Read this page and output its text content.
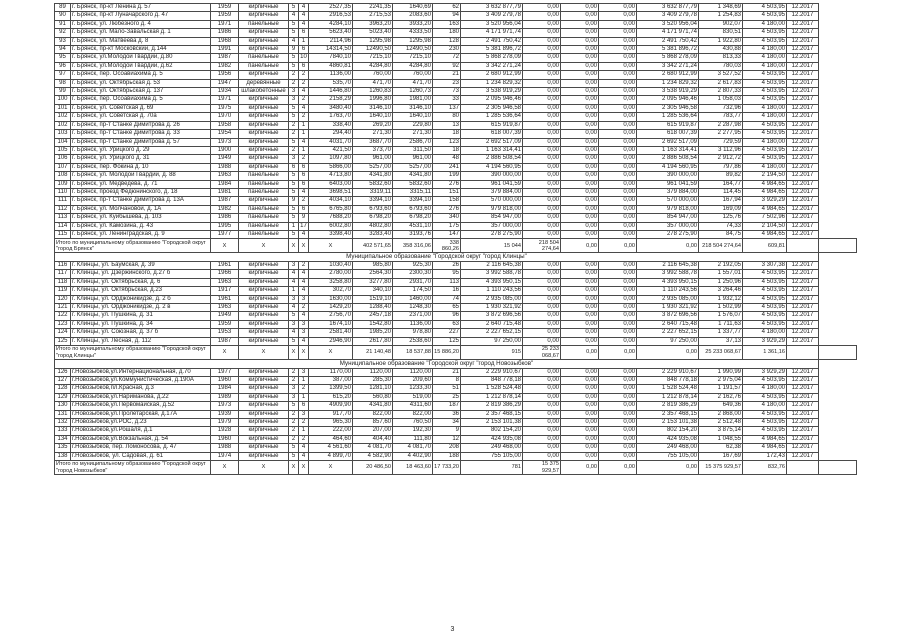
89	г. Брянск, пр-кт Ленина д. 57	1959	кирпичные	5	4	2527,35	2241,35	1640,69	62	3 632 877,79	0,00	0,00	0,00	3 632 877,79	1 348,69	4 503,95	12.2017	
90	г. Брянск, пр-кт Луначарского д. 47	1959	кирпичные	4	4	2916,53	2715,53	2083,60	94	3 409 279,78	0,00	0,00	0,00	3 409 279,78	1 254,83	4 503,95	12.2017	
91	г. Брянск, ул. Любезного д. 4	1971	панельные	5	4	4284,10	3963,20	3933,20	163	3 520 956,04	0,00	0,00	0,00	3 520 956,04	902,07	4 180,00	12.2017	
92	г. Брянск, ул. Мало-Завальская д. 1	1986	кирпичные	5	6	5623,40	5023,40	4333,50	180	4 171 971,74	0,00	0,00	0,00	4 171 971,74	830,51	4 503,95	12.2017	
93	г. Брянск, ул. Матвеева д. 8	1968	кирпичные	4	1	2114,96	1295,98	1295,98	128	2 491 750,42	0,00	0,00	0,00	2 491 750,42	1 922,80	4 503,95	12.2017	
94	г. Брянск, пр-кт Московский, д.144	1991	кирпичные	9	6	14314,50	12490,50	12490,50	230	5 381 896,72	0,00	0,00	0,00	5 381 896,72	430,88	4 180,00	12.2017	
95	г. Брянск, ул.Молодой Гвардии, д.80	1987	панельные	5	10	7840,10	7215,10	7215,10	72	5 868 278,09	0,00	0,00	0,00	5 868 278,09	813,33	4 180,00	12.2017	
96	г. Брянск, ул.Молодой Гвардии, д.62	1982	панельные	5	6	4860,81	4284,80	4284,80	92	3 342 271,24	0,00	0,00	0,00	3 342 271,24	780,03	4 180,00	12.2017	
97	г. Брянск, пер. Осоавиахима д. 5	1956	кирпичные	2	2	1136,00	760,00	760,00	21	2 680 912,99	0,00	0,00	0,00	2 680 912,99	3 527,52	4 503,95	12.2017	
98	г. Брянск, ул. Октябрьская д. 53	1947	деревянные	2	2	535,70	471,70	471,70	23	1 234 829,32	0,00	0,00	0,00	1 234 829,32	2 617,83	4 503,95	12.2017	
99	г. Брянск, ул. Октябрьская д. 137	1934	шлакобетонные	3	4	1446,80	1260,83	1260,73	73	3 538 919,29	0,00	0,00	0,00	3 538 919,29	2 807,33	4 503,95	12.2017	
100	г. Брянск, пер. Осоавиахима д. 5	1971	кирпичные	3	2	2158,29	1996,80	1981,00	33	2 095 946,46	0,00	0,00	0,00	2 095 946,46	1 058,03	4 503,95	12.2017	
101	г. Брянск, ул. Советская д. 69	1975	кирпичные	5	4	3480,40	3146,10	3146,10	137	2 305 946,58	0,00	0,00	0,00	2 305 946,58	732,96	4 180,00	12.2017	
102	г. Брянск, ул. Советская д. 70а	1970	кирпичные	5	2	1763,70	1640,10	1640,10	80	1 285 536,64	0,00	0,00	0,00	1 285 536,64	783,77	4 180,00	12.2017	
102	г. Брянск, пр-т Станке Димитрова д. 26	1958	кирпичные	2	1	338,40	269,20	229,80	13	615 919,87	0,00	0,00	0,00	615 919,87	2 287,98	4 503,95	12.2017	
103	г. Брянск, пр-т Станке Димитрова д. 33	1954	кирпичные	2	1	294,40	271,30	271,30	18	618 007,39	0,00	0,00	0,00	618 007,39	2 277,95	4 503,95	12.2017	
104	г. Брянск, пр-т Станке Димитрова д. 57	1973	кирпичные	5	4	4031,70	3687,70	2586,70	123	2 692 517,09	0,00	0,00	0,00	2 692 517,09	729,59	4 180,00	12.2017	
105	г. Брянск, ул. Урицкого д. 29	1900	кирпичные	2	1	421,50	373,70	311,50	18	1 163 314,41	0,00	0,00	0,00	1 163 314,41	3 112,96	4 503,95	12.2017	
106	г. Брянск, ул. Урицкого д. 31	1949	кирпичные	3	2	1097,80	961,00	961,00	48	2 886 508,54	0,00	0,00	0,00	2 886 508,54	2 912,72	4 503,95	12.2017	
107	г. Брянск, пер. Фокина д. 10	1988	кирпичные	6	6	5866,00	5257,00	5257,00	241	4 194 560,95	0,00	0,00	0,00	4 194 560,95	797,86	4 180,00	12.2017	
108	г. Брянск, ул. Молодой Гвардии, д. 88	1963	панельные	5	6	4713,80	4341,80	4341,80	199	390 000,00	0,00	0,00	0,00	390 000,00	89,82	2 194,50	12.2017	
109	г. Брянск, ул. Медведева, д. 71	1984	панельные	5	6	6403,00	5832,60	5832,60	276	961 041,59	0,00	0,00	0,00	961 041,59	164,77	4 984,65	12.2017	
110	г. Брянск, проезд Федюнинского, д. 18	1981	панельные	5	4	3698,51	3319,11	3315,11	151	379 884,00	0,00	0,00	0,00	379 884,00	114,45	4 984,65	12.2017	
111	г. Брянск, пр-т Станке Димитрова д. 13А	1987	кирпичные	9	2	4034,10	3394,10	3394,10	158	570 000,00	0,00	0,00	0,00	570 000,00	167,94	3 929,29	12.2017	
112	г. Брянск, ул. Молчановой, д. 1А	1982	панельные	5	6	6765,80	6793,60	6793,60	276	979 818,00	0,00	0,00	0,00	979 818,00	169,09	4 984,65	12.2017	
113	г. Брянск, ул. Куйбышева, д. 103	1986	панельные	5	9	7688,20	6798,20	6798,20	340	854 947,00	0,00	0,00	0,00	854 947,00	125,76	7 502,96	12.2017	
114	г. Брянск, ул. Камозина, д. 43	1995	панельные	1	17	6002,80	4802,80	4531,10	175	357 000,00	0,00	0,00	0,00	357 000,00	74,33	2 104,50	12.2017	
115	г. Брянск, ул. Ленинградская, д. 9	1977	панельные	5	4	3398,40	3283,40	3193,76	147	278 275,90	0,00	0,00	0,00	278 275,90	84,75	4 984,65	12.2017	
Итого по муниципальному образованию "Городской округ "город Брянск"		X	X	X	X	X	402 571,65	358 316,06	338 860,26	15 044	218 504 274,64	0,00	0,00	0,00	218 504 274,64	609,81		
Муниципальное образование "Городской округ "город Клинцы"																		
116	г. Клинцы, ул. Баумская, д. 39	1961	кирпичные	3	2	1030,40	985,80	925,30	26	2 116 645,38	0,00	0,00	0,00	2 116 645,38	2 192,05	3 307,38	12.2017	
117	г. Клинцы, ул. Дзержинского, д.27 б	1966	кирпичные	4	4	2780,00	2564,30	2300,30	95	3 992 588,78	0,00	0,00	0,00	3 992 588,78	1 557,01	4 503,95	12.2017	
118	г. Клинцы, ул. Октябрьская, д. 6	1963	кирпичные	4	4	3258,80	3277,80	2931,70	113	4 393 950,15	0,00	0,00	0,00	4 393 950,15	1 250,96	4 503,95	12.2017	
119	г. Клинцы, ул. Октябрьская, д.23	1917	кирпичные	1	4	302,70	340,10	174,50	16	1 110 243,56	0,00	0,00	0,00	1 110 243,56	3 264,46	4 503,95	12.2017	
120	г. Клинцы, ул. Орджоникидзе, д. 2 б	1961	кирпичные	3	3	1630,00	1519,10	1460,00	74	2 935 085,00	0,00	0,00	0,00	2 935 085,00	1 932,12	4 503,95	12.2017	
121	г. Клинцы, ул. Орджоникидзе, д. 2 в	1963	кирпичные	4	2	1429,20	1288,40	1248,30	65	1 930 321,92	0,00	0,00	0,00	1 930 321,92	1 502,99	4 503,95	12.2017	
122	г. Клинцы, ул. Пушкина, д. 31	1949	кирпичные	5	4	2756,70	2457,18	2371,00	96	3 872 696,56	0,00	0,00	0,00	3 872 696,56	1 576,07	4 503,95	12.2017	
123	г. Клинцы, ул. Пушкина, д. 34	1959	кирпичные	3	3	1674,10	1542,80	1136,00	63	2 640 715,48	0,00	0,00	0,00	2 640 715,48	1 711,63	4 503,95	12.2017	
124	г. Клинцы, ул. Союзная, д. 37 б	1953	кирпичные	4	3	2581,40	1985,20	978,80	227	2 227 652,15	0,00	0,00	0,00	2 227 652,15	1 337,77	4 180,00	12.2017	
125	г. Клинцы, ул. Лесная, д. 112	1987	кирпичные	5	4	2946,90	2617,80	2538,60	125	97 250,00	0,00	0,00	0,00	97 250,00	37,13	3 929,29	12.2017	
Итого по муниципальному образованию "Городской округ "город Клинцы"		X	X	X	X	X	21 140,48	18 537,88	15 886,20	915	25 233 068,67	0,00	0,00	0,00	25 233 068,67	1 361,16		
Муниципальное образование "Городской округ "город Новозыбков"																		
126	г.Новозыбков,ул.Интернациональная, д.70	1977	кирпичные	2	3	1170,00	1120,00	1120,00	21	2 229 910,67	0,00	0,00	0,00	2 229 910,67	1 990,99	3 929,29	12.2017	
127	г.Новозыбков,ул.Коммунистическая, д.190А	1960	кирпичные	2	1	387,00	285,30	209,60	8	848 778,18	0,00	0,00	0,00	848 778,18	2 975,04	4 503,95	12.2017	
128	г.Новозыбков,пл.Красная, д.3	1984	кирпичные	3	2	1399,50	1281,10	1233,30	51	1 528 524,48	0,00	0,00	0,00	1 528 524,48	1 191,57	4 180,00	12.2017	
129	г.Новозыбков,ул.Нариманова, д.22	1989	кирпичные	3	1	615,20	560,80	519,00	25	1 212 878,14	0,00	0,00	0,00	1 212 878,14	2 162,76	4 503,95	12.2017	
130	г.Новозыбков,ул.Первомайская, д.52	1973	кирпичные	5	6	4909,90	4341,80	4311,60	187	2 819 386,29	0,00	0,00	0,00	2 819 386,29	649,36	4 180,00	12.2017	
131	г.Новозыбков,ул.Пролетарская, д.17А	1939	кирпичные	2	3	917,70	822,00	822,00	36	2 357 468,15	0,00	0,00	0,00	2 357 468,15	2 868,00	4 503,95	12.2017	
132	г.Новозыбков,ул.РОС, д.23	1979	кирпичные	2	2	965,30	857,60	760,50	34	2 153 101,38	0,00	0,00	0,00	2 153 101,38	2 512,48	4 503,95	12.2017	
133	г.Новозыбков,ул.Рошаля, д.1	1928	кирпичные	2	1	222,00	207,00	192,30	9	802 154,20	0,00	0,00	0,00	802 154,20	3 875,14	4 503,95	12.2017	
134	г.Новозыбков,ул.Вокзальная, д. 54	1960	кирпичные	2	2	464,60	404,40	111,80	12	424 935,08	0,00	0,00	0,00	424 935,08	1 048,55	4 984,65	12.2017	
135	г.Новозыбков, пер. Ломоносова, д. 47	1988	кирпичные	5	4	4 561,60	4 081,70	4 081,70	208	249 468,00	0,00	0,00	0,00	249 468,00	62,38	4 984,65	12.2017	
138	г.Новозыбков, ул. Садовая, д. 61	1974	кирпичные	5	4	4 899,70	4 582,90	4 402,90	188	755 105,00	0,00	0,00	0,00	755 105,00	167,69	172,43	12.2017	
Итого по муниципальному образованию "Городской округ "город Новозыбков"		X	X	X	X	X	20 486,50	18 463,60	17 733,20	781	15 375 929,57	0,00	0,00	0,00	15 375 929,57	832,76		
3
